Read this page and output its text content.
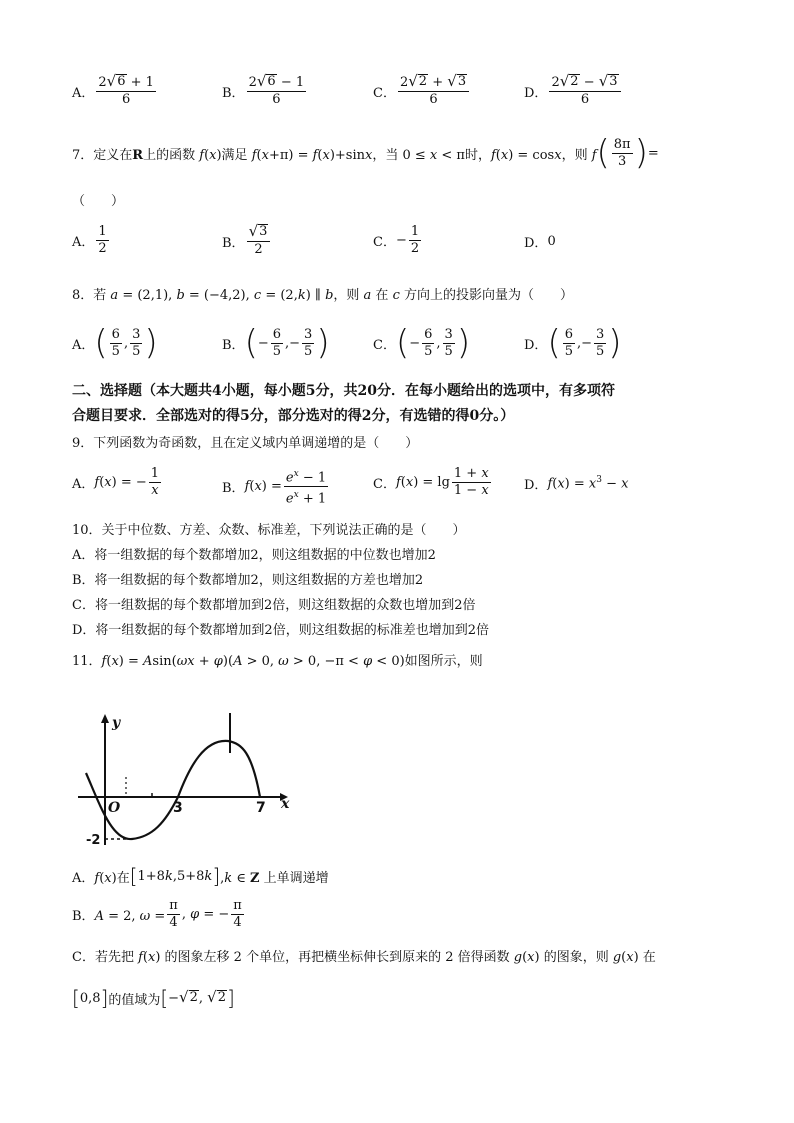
A． $\frac{2 √ 6 + 1}{6}$	B． $\frac{2 √ 6 - 1}{6}$	C． $\frac{2 √ 2 + √ 3}{6}$	D． $\frac{2 √ 2 - √ 3}{6}$
7． 定义在R上的函数 f(x)满足 f(x+π) = f(x)+sinx，当 0 ≤ x < π时，f(x) = cosx，则 f ( $\frac{8\pi}{3}$ ) =
（　　）
A． $\frac{1}{2}$	B． $\frac{√ 3}{2}$	C． − $\frac{1}{2}$	D． 0
8． 若 a = (2,1), b = (−4,2), c = (2,k) ∥ b，则 a 在 c 方向上的投影向量为（　　）
A． ( $\frac{6}{5}$ , $\frac{3}{5}$ )	B． ( − $\frac{6}{5}$ ,− $\frac{3}{5}$ )	C． ( − $\frac{6}{5}$ , $\frac{3}{5}$ )	D． ( $\frac{6}{5}$ ,− $\frac{3}{5}$ )
二、选择题（本大题共4小题，每小题5分，共20分．在每小题给出的选项中，有多项符
合题目要求．全部选对的得5分，部分选对的得2分，有选错的得0分。）
9．下列函数为奇函数，且在定义域内单调递增的是（　　）
A． f(x) = − $\frac{1}{x}$	B． $f(x) = \frac{e^x - 1}{e^x + 1}$	C． $f(x) = \lg \frac{1 + x}{1 - x}$	D． $f(x) = x^3 - x$
10．关于中位数、方差、众数、标准差，下列说法正确的是（　　）
A．将一组数据的每个数都增加2，则这组数据的中位数也增加2
B．将一组数据的每个数都增加2，则这组数据的方差也增加2
C．将一组数据的每个数都增加到2倍，则这组数据的众数也增加到2倍
D．将一组数据的每个数都增加到2倍，则这组数据的标准差也增加到2倍
11． f(x) = Asin(ωx + φ)(A > 0, ω > 0, −π < φ < 0)如图所示，则
y
O	3	7 x
-2
A．f(x)在 [ 1+8k,5+8k ] ,k ∈ Z 上单调递增
B．A = 2, $\omega = \frac{\pi}{4}$ , φ = − $\frac{\pi}{4}$
C．若先把 f(x) 的图象左移 2 个单位，再把横坐标伸长到原来的 2 倍得函数 g(x) 的图象，则 g(x) 在
[ 0,8 ] 的值域为 [ − √ 2 , √ 2 ]
